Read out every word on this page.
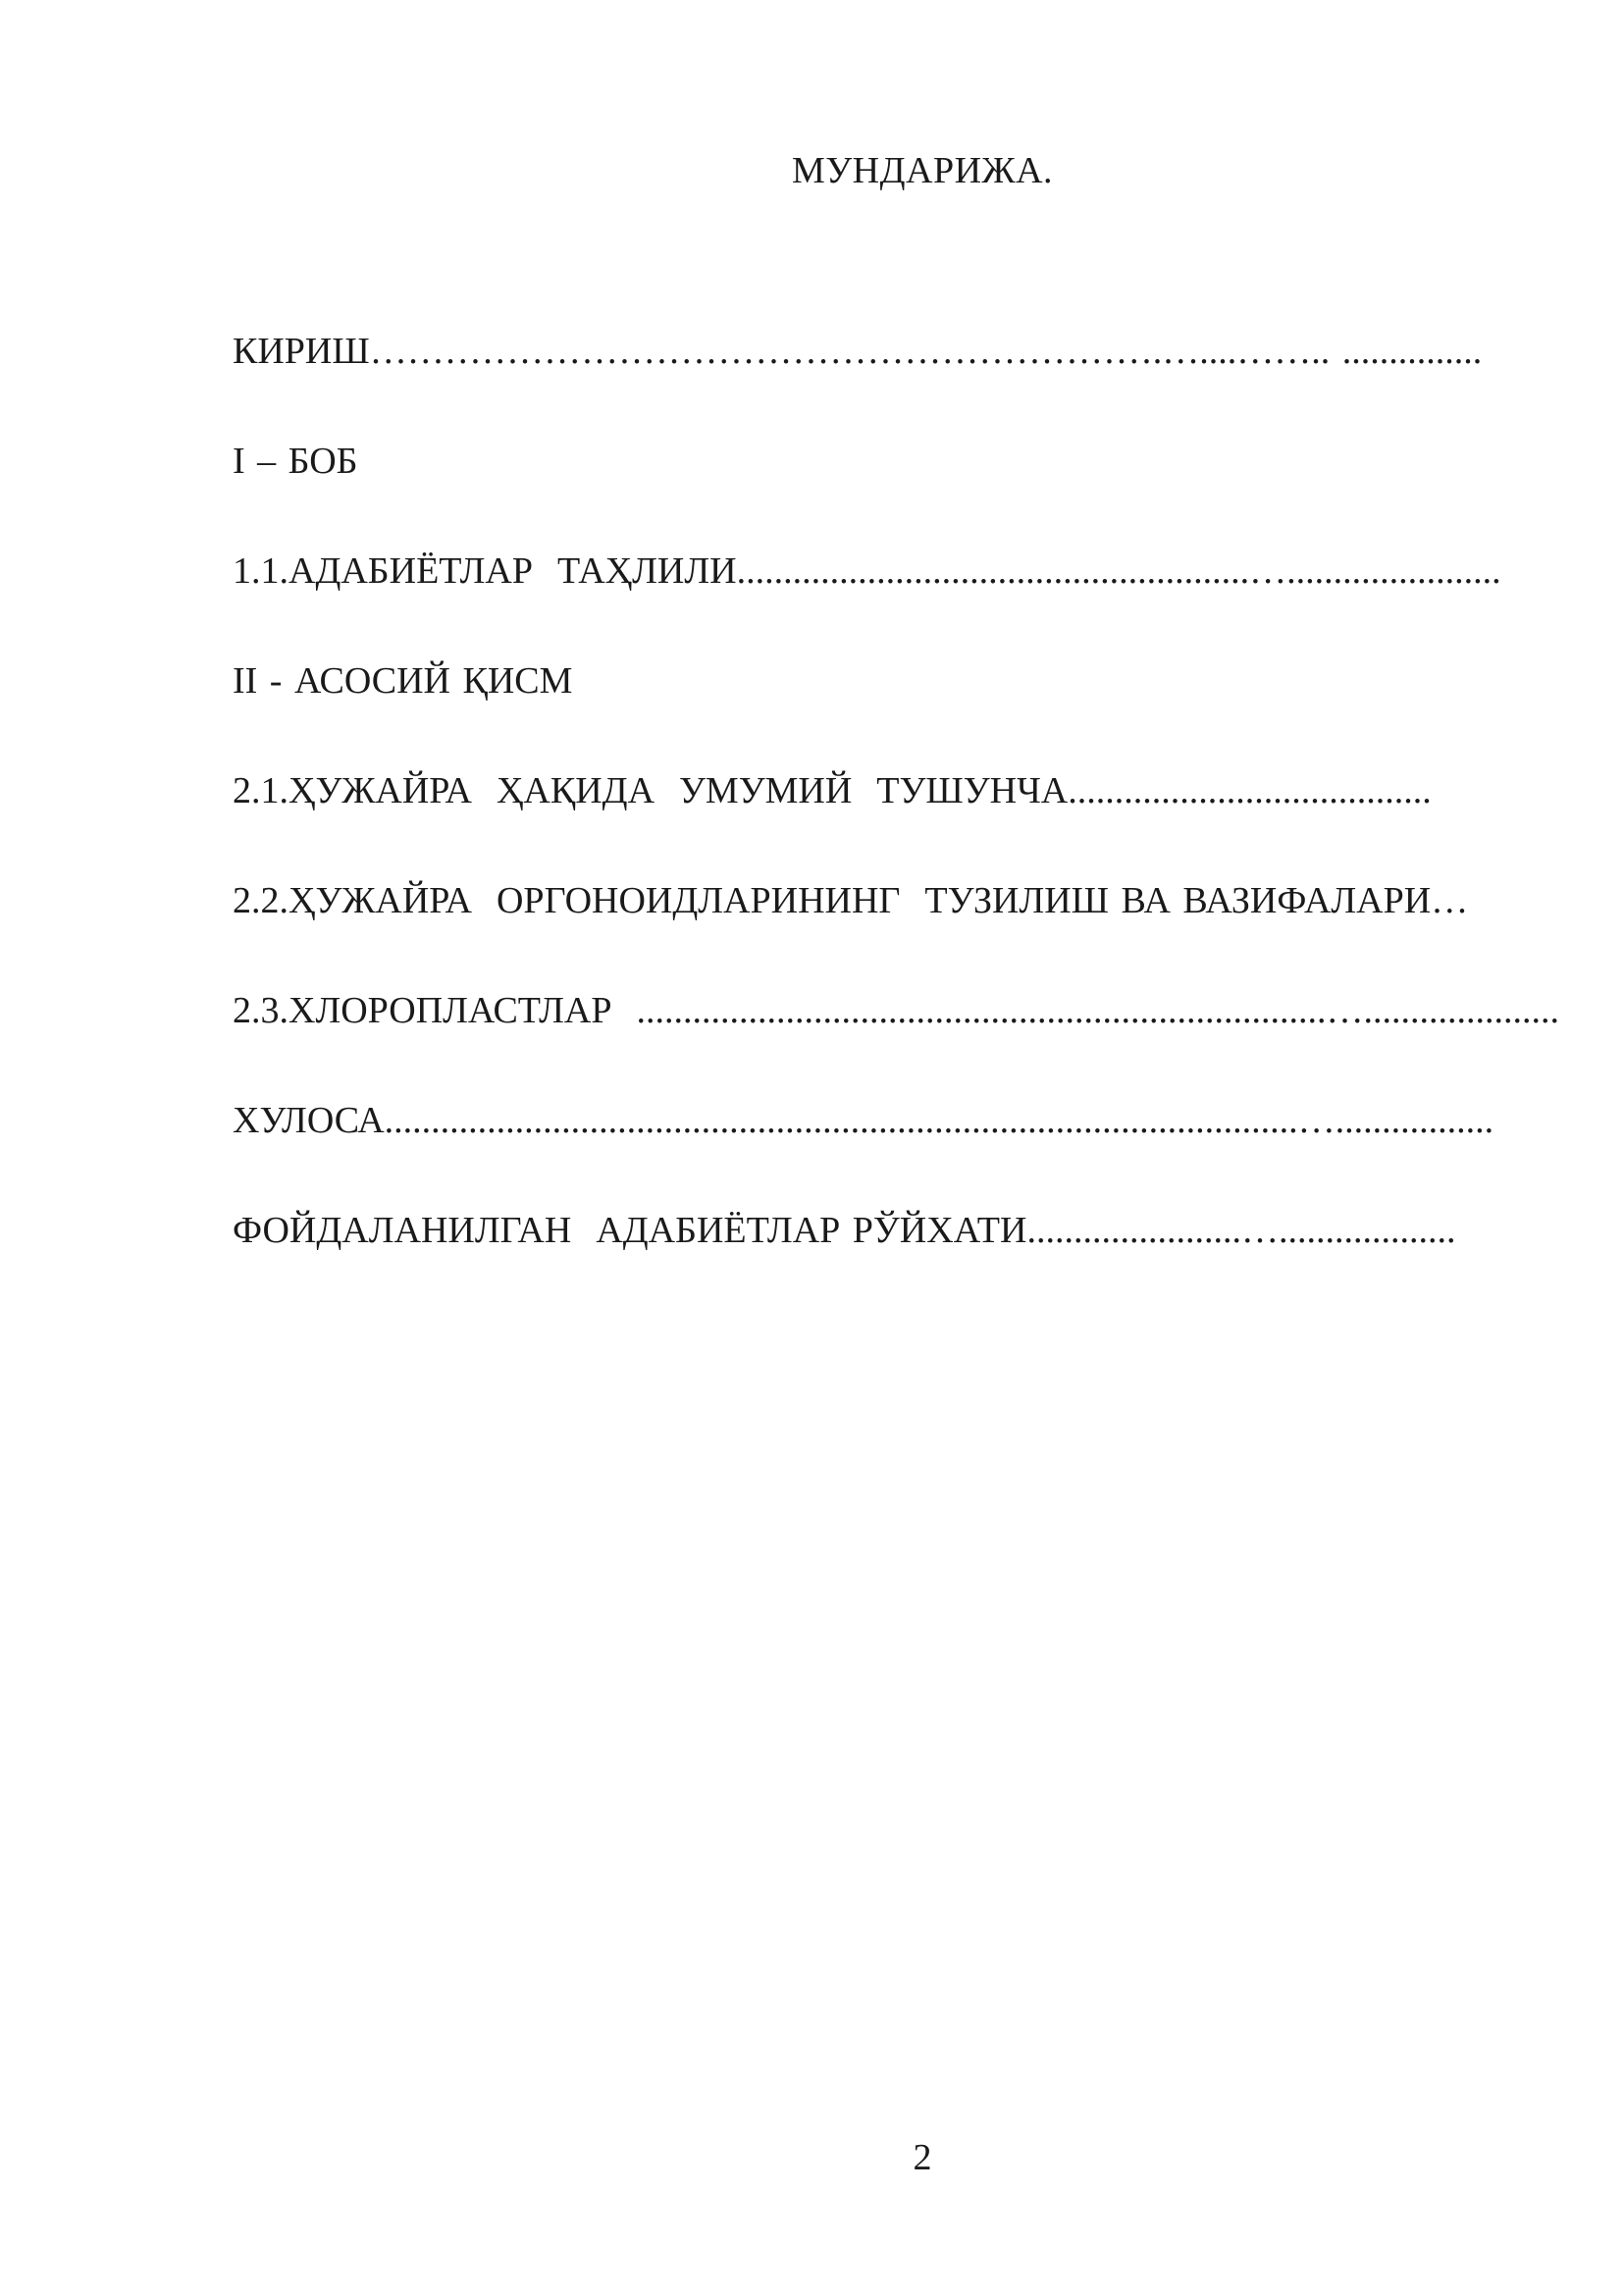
МУНДАРИЖА.
КИРИШ……………………………………………………….…....…….. ...............
I – БОБ
1.1.АДАБИЁТЛАР  ТАҲЛИЛИ.......................................................….......................
II - АСОСИЙ ҚИСМ
2.1.ҲУЖАЙРА  ҲАҚИДА  УМУМИЙ  ТУШУНЧА.......................................
2.2.ҲУЖАЙРА  ОРГОНОИДЛАРИНИНГ  ТУЗИЛИШ ВА ВАЗИФАЛАРИ…
2.3.ХЛОРОПЛАСТЛАР  ..........................................................................….....................
ХУЛОСА..................................................................................................….................
ФОЙДАЛАНИЛГАН  АДАБИЁТЛАР РЎЙХАТИ.......................…...................
2
